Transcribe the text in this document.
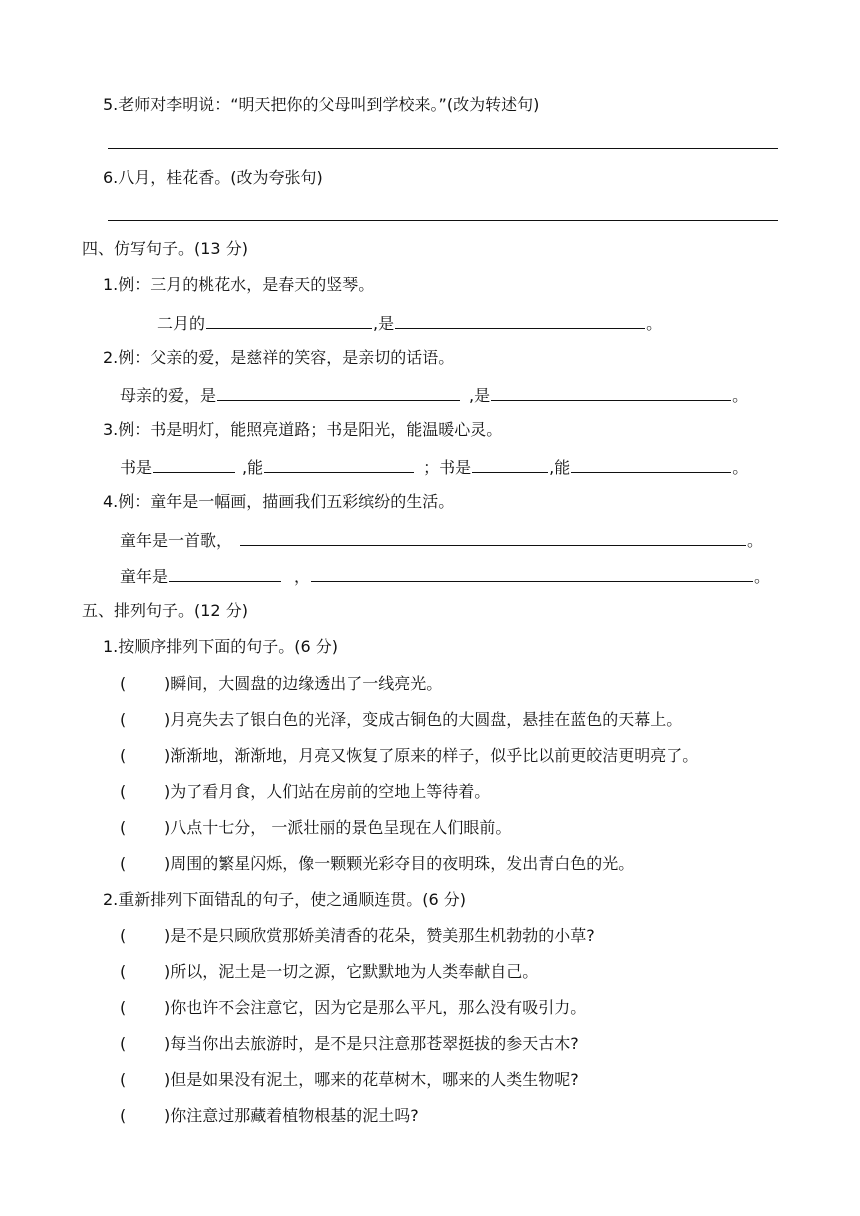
5.老师对李明说：“明天把你的父母叫到学校来。”(改为转述句)
6.八月，桂花香。(改为夸张句)
四、仿写句子。(13 分)
1.例：三月的桃花水，是春天的竖琴。
二月的	,是	。
2.例：父亲的爱，是慈祥的笑容，是亲切的话语。
母亲的爱，是	,是	。
3.例：书是明灯，能照亮道路；书是阳光，能温暖心灵。
书是	,能	；书是	,能	。
4.例：童年是一幅画，描画我们五彩缤纷的生活。
童年是一首歌，	。
童年是	，	。
五、排列句子。(12 分)
1.按顺序排列下面的句子。(6 分)
( )瞬间，大圆盘的边缘透出了一线亮光。
( )月亮失去了银白色的光泽，变成古铜色的大圆盘，悬挂在蓝色的天幕上。
( )渐渐地，渐渐地，月亮又恢复了原来的样子，似乎比以前更皎洁更明亮了。
( )为了看月食，人们站在房前的空地上等待着。
( )八点十七分， 一派壮丽的景色呈现在人们眼前。
( )周围的繁星闪烁，像一颗颗光彩夺目的夜明珠，发出青白色的光。
2.重新排列下面错乱的句子，使之通顺连贯。(6 分)
( )是不是只顾欣赏那娇美清香的花朵，赞美那生机勃勃的小草?
( )所以，泥土是一切之源，它默默地为人类奉献自己。
( )你也许不会注意它，因为它是那么平凡，那么没有吸引力。
( )每当你出去旅游时，是不是只注意那苍翠挺拔的参天古木?
( )但是如果没有泥土，哪来的花草树木，哪来的人类生物呢?
( )你注意过那藏着植物根基的泥土吗?
